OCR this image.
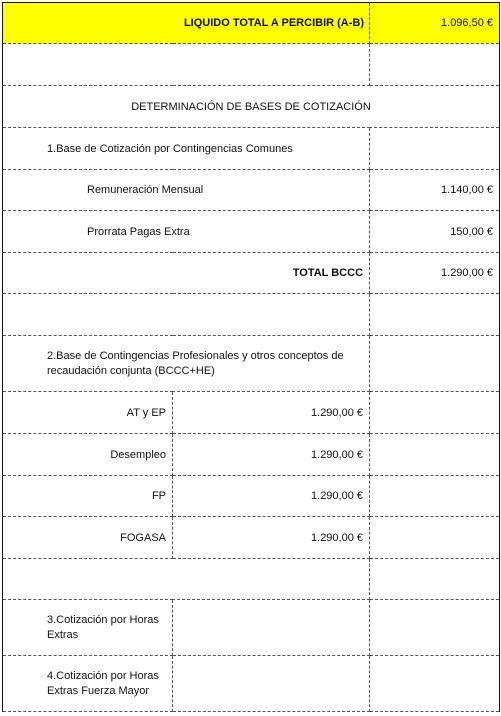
LIQUIDO TOTAL A PERCIBIR (A-B)		1.096,50 €

DETERMINACIÓN DE BASES DE COTIZACIÓN		
1.Base de Cotización por Contingencias Comunes		
Remuneración Mensual		1.140,00 €
Prorrata Pagas Extra		150,00 €
TOTAL BCCC		1.290,00 €

2.Base de Contingencias Profesionales y otros conceptos de recaudación conjunta (BCCC+HE)		
AT y EP	1.290,00 €	
Desempleo	1.290,00 €	
FP	1.290,00 €	
FOGASA	1.290,00 €	

3.Cotización por Horas Extras		
4.Cotización por Horas Extras Fuerza Mayor		
